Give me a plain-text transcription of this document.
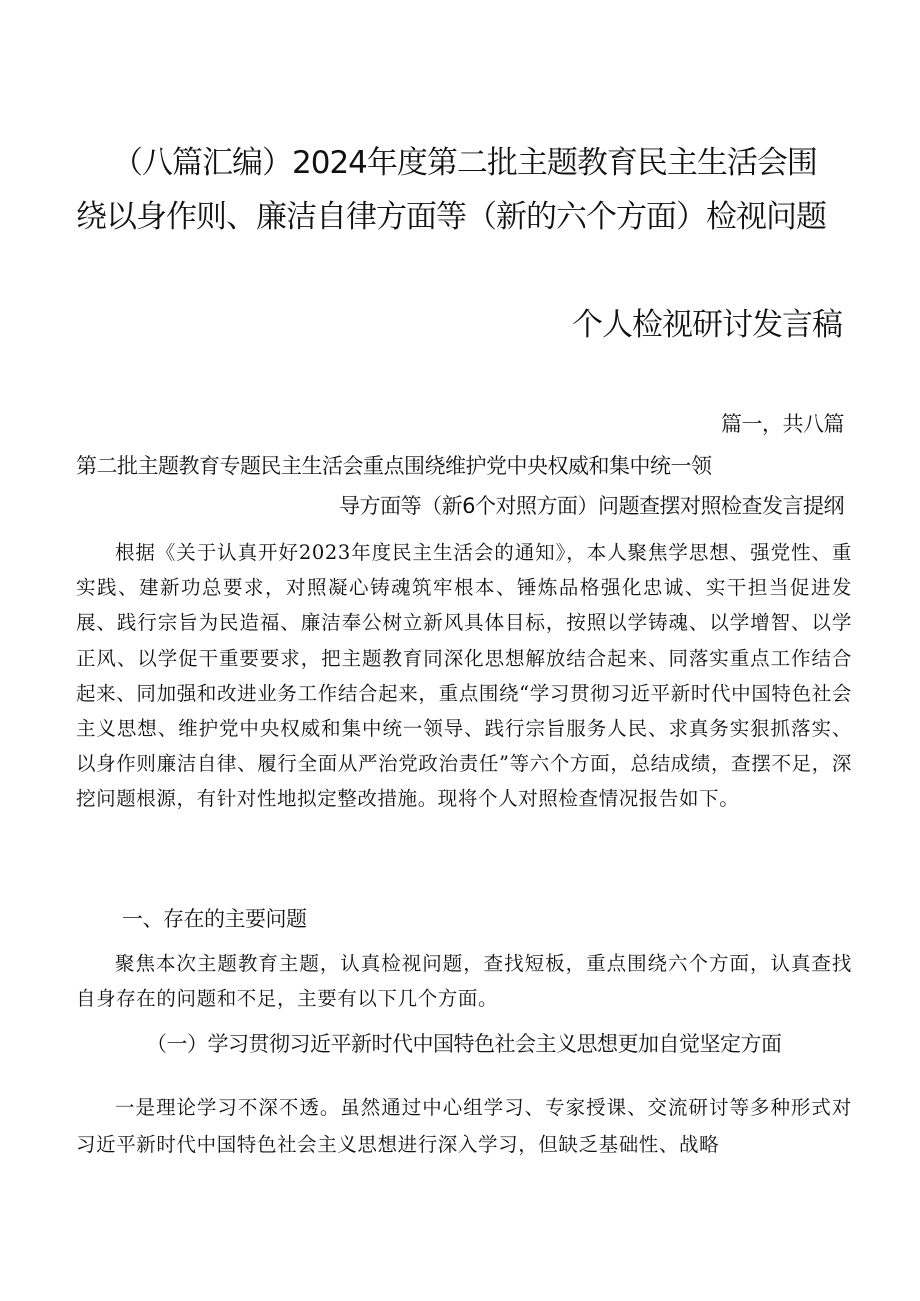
（八篇汇编）2024年度第二批主题教育民主生活会围
绕以身作则、廉洁自律方面等（新的六个方面）检视问题
个人检视研讨发言稿
篇一，共八篇
第二批主题教育专题民主生活会重点围绕维护党中央权威和集中统一领
导方面等（新6个对照方面）问题查摆对照检查发言提纲

根据《关于认真开好2023年度民主生活会的通知》，本人聚焦学思想、强党性、重实践、建新功总要求，对照凝心铸魂筑牢根本、锤炼品格强化忠诚、实干担当促进发展、践行宗旨为民造福、廉洁奉公树立新风具体目标，按照以学铸魂、以学增智、以学正风、以学促干重要要求，把主题教育同深化思想解放结合起来、同落实重点工作结合起来、同加强和改进业务工作结合起来，重点围绕“学习贯彻习近平新时代中国特色社会主义思想、维护党中央权威和集中统一领导、践行宗旨服务人民、求真务实狠抓落实、以身作则廉洁自律、履行全面从严治党政治责任”等六个方面，总结成绩，查摆不足，深挖问题根源，有针对性地拟定整改措施。现将个人对照检查情况报告如下。

一、存在的主要问题

聚焦本次主题教育主题，认真检视问题，查找短板，重点围绕六个方面，认真查找自身存在的问题和不足，主要有以下几个方面。

（一）学习贯彻习近平新时代中国特色社会主义思想更加自觉坚定方面

一是理论学习不深不透。虽然通过中心组学习、专家授课、交流研讨等多种形式对习近平新时代中国特色社会主义思想进行深入学习，但缺乏基础性、战略
